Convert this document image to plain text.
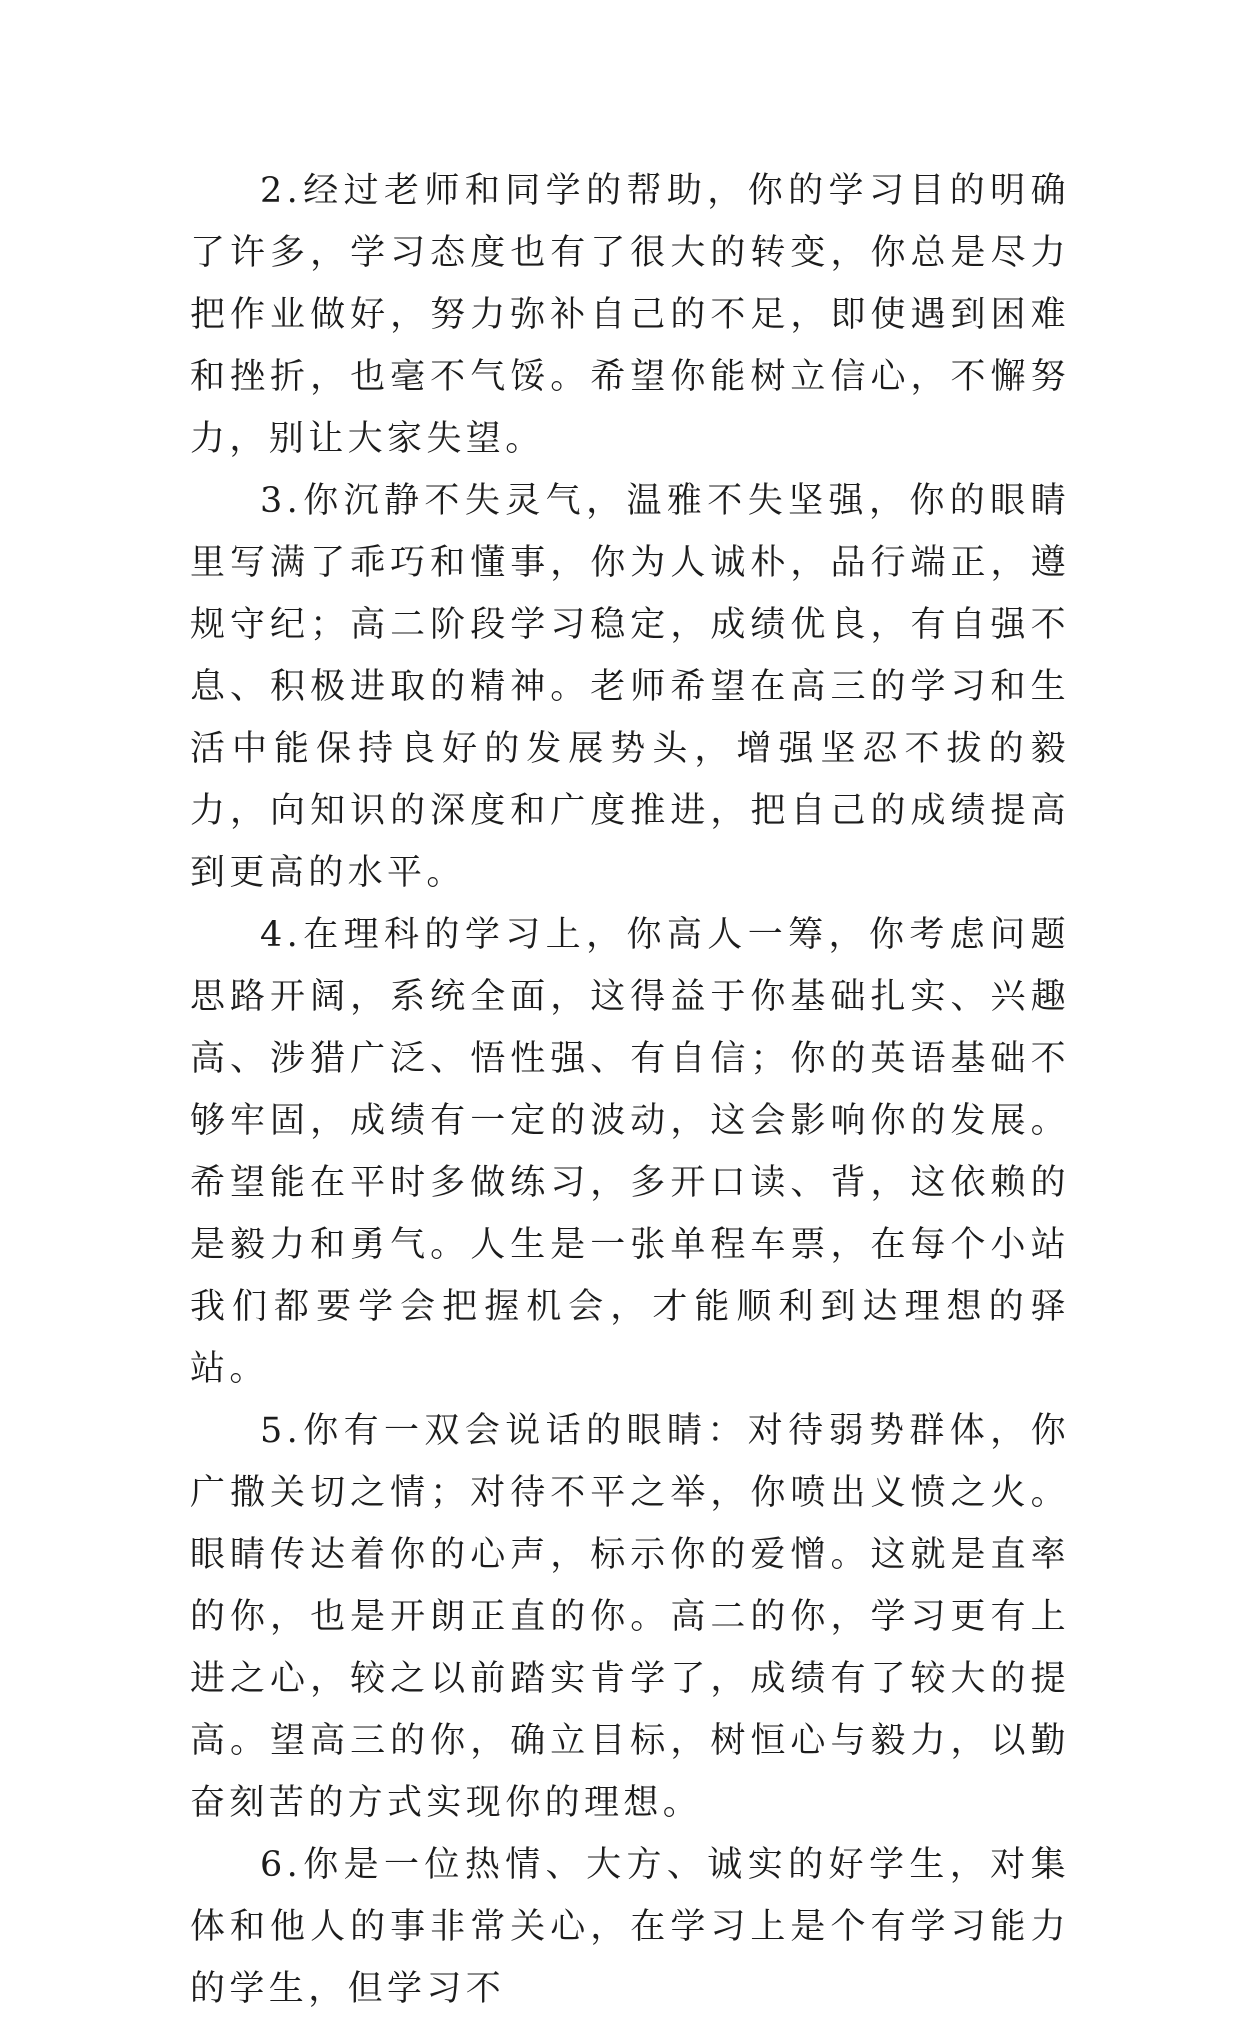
2.经过老师和同学的帮助，你的学习目的明确了许多，学习态度也有了很大的转变，你总是尽力把作业做好，努力弥补自己的不足，即使遇到困难和挫折，也毫不气馁。希望你能树立信心，不懈努力，别让大家失望。

3.你沉静不失灵气，温雅不失坚强，你的眼睛里写满了乖巧和懂事，你为人诚朴，品行端正，遵规守纪；高二阶段学习稳定，成绩优良，有自强不息、积极进取的精神。老师希望在高三的学习和生活中能保持良好的发展势头，增强坚忍不拔的毅力，向知识的深度和广度推进，把自己的成绩提高到更高的水平。

4.在理科的学习上，你高人一筹，你考虑问题思路开阔，系统全面，这得益于你基础扎实、兴趣高、涉猎广泛、悟性强、有自信；你的英语基础不够牢固，成绩有一定的波动，这会影响你的发展。希望能在平时多做练习，多开口读、背，这依赖的是毅力和勇气。人生是一张单程车票，在每个小站我们都要学会把握机会，才能顺利到达理想的驿站。

5.你有一双会说话的眼睛：对待弱势群体，你广撒关切之情；对待不平之举，你喷出义愤之火。眼睛传达着你的心声，标示你的爱憎。这就是直率的你，也是开朗正直的你。高二的你，学习更有上进之心，较之以前踏实肯学了，成绩有了较大的提高。望高三的你，确立目标，树恒心与毅力，以勤奋刻苦的方式实现你的理想。

6.你是一位热情、大方、诚实的好学生，对集体和他人的事非常关心，在学习上是个有学习能力的学生，但学习不
